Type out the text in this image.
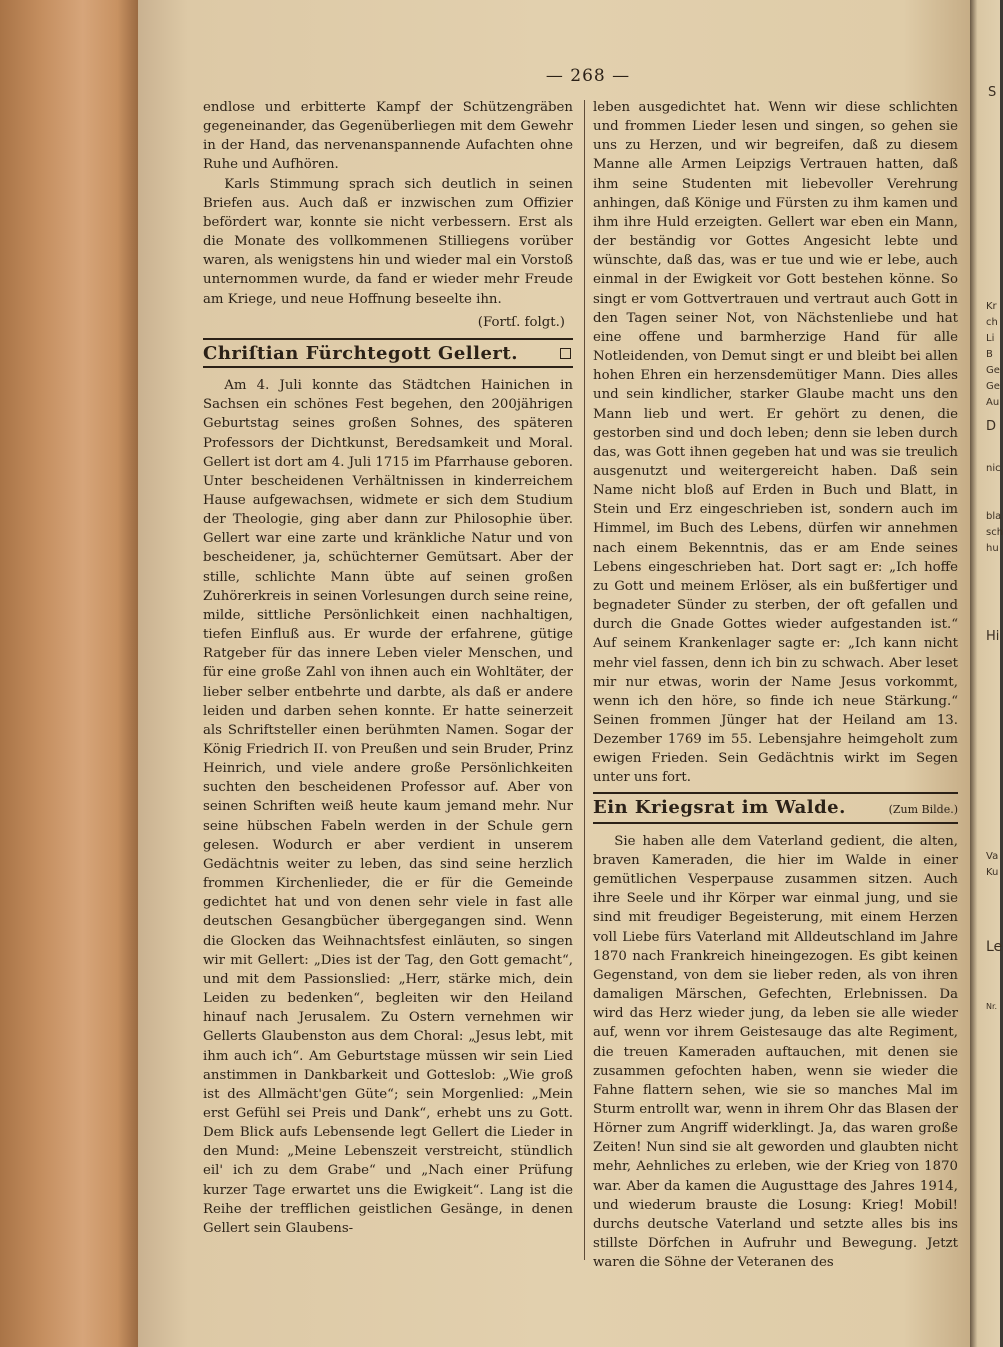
— 268 —

endlose und erbitterte Kampf der Schützengräben gegeneinander, das Gegenüberliegen mit dem Gewehr in der Hand, das nervenanspannende Aufachten ohne Ruhe und Aufhören.

Karls Stimmung sprach sich deutlich in seinen Briefen aus. Auch daß er inzwischen zum Offizier befördert war, konnte sie nicht verbessern. Erst als die Monate des vollkommenen Stilliegens vorüber waren, als wenigstens hin und wieder mal ein Vorstoß unternommen wurde, da fand er wieder mehr Freude am Kriege, und neue Hoffnung beseelte ihn.

(Fortſ. folgt.)
Chriſtian Fürchtegott Gellert.

Am 4. Juli konnte das Städtchen Hainichen in Sachsen ein schönes Fest begehen, den 200jährigen Geburtstag seines großen Sohnes, des späteren Professors der Dichtkunst, Beredsamkeit und Moral. Gellert ist dort am 4. Juli 1715 im Pfarrhause geboren. Unter bescheidenen Verhältnissen in kinderreichem Hause aufgewachsen, widmete er sich dem Studium der Theologie, ging aber dann zur Philosophie über. Gellert war eine zarte und kränkliche Natur und von bescheidener, ja, schüchterner Gemütsart. Aber der stille, schlichte Mann übte auf seinen großen Zuhörerkreis in seinen Vorlesungen durch seine reine, milde, sittliche Persönlichkeit einen nachhaltigen, tiefen Einfluß aus. Er wurde der erfahrene, gütige Ratgeber für das innere Leben vieler Menschen, und für eine große Zahl von ihnen auch ein Wohltäter, der lieber selber entbehrte und darbte, als daß er andere leiden und darben sehen konnte. Er hatte seinerzeit als Schriftsteller einen berühmten Namen. Sogar der König Friedrich II. von Preußen und sein Bruder, Prinz Heinrich, und viele andere große Persönlichkeiten suchten den bescheidenen Professor auf. Aber von seinen Schriften weiß heute kaum jemand mehr. Nur seine hübschen Fabeln werden in der Schule gern gelesen. Wodurch er aber verdient in unserem Gedächtnis weiter zu leben, das sind seine herzlich frommen Kirchenlieder, die er für die Gemeinde gedichtet hat und von denen sehr viele in fast alle deutschen Gesangbücher übergegangen sind. Wenn die Glocken das Weihnachtsfest einläuten, so singen wir mit Gellert: „Dies ist der Tag, den Gott gemacht“, und mit dem Passionslied: „Herr, stärke mich, dein Leiden zu bedenken“, begleiten wir den Heiland hinauf nach Jerusalem. Zu Ostern vernehmen wir Gellerts Glaubenston aus dem Choral: „Jesus lebt, mit ihm auch ich“. Am Geburtstage müssen wir sein Lied anstimmen in Dankbarkeit und Gotteslob: „Wie groß ist des Allmächt'gen Güte“; sein Morgenlied: „Mein erst Gefühl sei Preis und Dank“, erhebt uns zu Gott. Dem Blick aufs Lebensende legt Gellert die Lieder in den Mund: „Meine Lebenszeit verstreicht, stündlich eil' ich zu dem Grabe“ und „Nach einer Prüfung kurzer Tage erwartet uns die Ewigkeit“. Lang ist die Reihe der trefflichen geistlichen Gesänge, in denen Gellert sein Glaubens-

leben ausgedichtet hat. Wenn wir diese schlichten und frommen Lieder lesen und singen, so gehen sie uns zu Herzen, und wir begreifen, daß zu diesem Manne alle Armen Leipzigs Vertrauen hatten, daß ihm seine Studenten mit liebevoller Verehrung anhingen, daß Könige und Fürsten zu ihm kamen und ihm ihre Huld erzeigten. Gellert war eben ein Mann, der beständig vor Gottes Angesicht lebte und wünschte, daß das, was er tue und wie er lebe, auch einmal in der Ewigkeit vor Gott bestehen könne. So singt er vom Gottvertrauen und vertraut auch Gott in den Tagen seiner Not, von Nächstenliebe und hat eine offene und barmherzige Hand für alle Notleidenden, von Demut singt er und bleibt bei allen hohen Ehren ein herzensdemütiger Mann. Dies alles und sein kindlicher, starker Glaube macht uns den Mann lieb und wert. Er gehört zu denen, die gestorben sind und doch leben; denn sie leben durch das, was Gott ihnen gegeben hat und was sie treulich ausgenutzt und weitergereicht haben. Daß sein Name nicht bloß auf Erden in Buch und Blatt, in Stein und Erz eingeschrieben ist, sondern auch im Himmel, im Buch des Lebens, dürfen wir annehmen nach einem Bekenntnis, das er am Ende seines Lebens eingeschrieben hat. Dort sagt er: „Ich hoffe zu Gott und meinem Erlöser, als ein bußfertiger und begnadeter Sünder zu sterben, der oft gefallen und durch die Gnade Gottes wieder aufgestanden ist.“ Auf seinem Krankenlager sagte er: „Ich kann nicht mehr viel fassen, denn ich bin zu schwach. Aber leset mir nur etwas, worin der Name Jesus vorkommt, wenn ich den höre, so finde ich neue Stärkung.“ Seinen frommen Jünger hat der Heiland am 13. Dezember 1769 im 55. Lebensjahre heimgeholt zum ewigen Frieden. Sein Gedächtnis wirkt im Segen unter uns fort.

Ein Kriegsrat im Walde.	(Zum Bilde.)

Sie haben alle dem Vaterland gedient, die alten, braven Kameraden, die hier im Walde in einer gemütlichen Vesperpause zusammen sitzen. Auch ihre Seele und ihr Körper war einmal jung, und sie sind mit freudiger Begeisterung, mit einem Herzen voll Liebe fürs Vaterland mit Alldeutschland im Jahre 1870 nach Frankreich hineingezogen. Es gibt keinen Gegenstand, von dem sie lieber reden, als von ihren damaligen Märschen, Gefechten, Erlebnissen. Da wird das Herz wieder jung, da leben sie alle wieder auf, wenn vor ihrem Geistesauge das alte Regiment, die treuen Kameraden auftauchen, mit denen sie zusammen gefochten haben, wenn sie wieder die Fahne flattern sehen, wie sie so manches Mal im Sturm entrollt war, wenn in ihrem Ohr das Blasen der Hörner zum Angriff widerklingt. Ja, das waren große Zeiten! Nun sind sie alt geworden und glaubten nicht mehr, Aehnliches zu erleben, wie der Krieg von 1870 war. Aber da kamen die Augusttage des Jahres 1914, und wiederum brauste die Losung: Krieg! Mobil! durchs deutsche Vaterland und setzte alles bis ins stillste Dörfchen in Aufruhr und Bewegung. Jetzt waren die Söhne der Veteranen des

S
Kr
ch
Li
B
Ge
Ge
Au
D
nic
bla
sch
hu
Hi
Va
Ku
Le
Nr.
